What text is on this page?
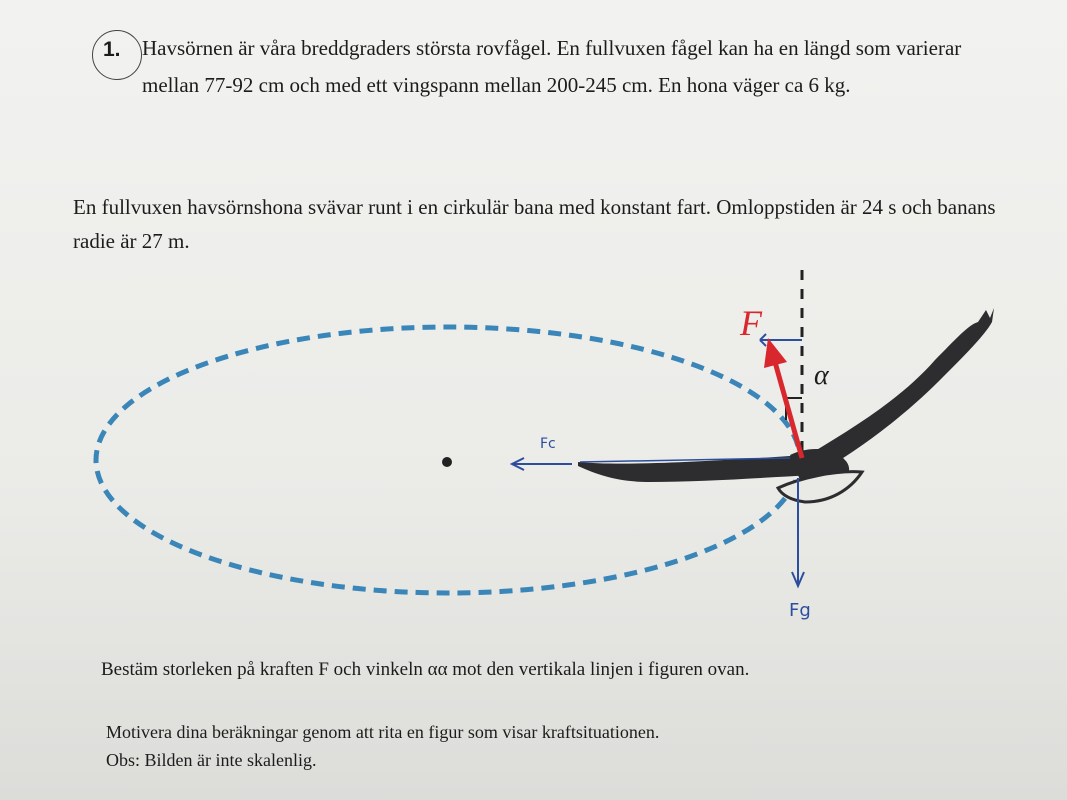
1. Havsörnen är våra breddgraders största rovfågel. En fullvuxen fågel kan ha en längd som varierar mellan 77-92 cm och med ett vingspann mellan 200-245 cm. En hona väger ca 6 kg.

En fullvuxen havsörnshona svävar runt i en cirkulär bana med konstant fart. Omloppstiden är 24 s och banans radie är 27 m.

F
α
Fc
Fg

Bestäm storleken på kraften F och vinkeln αα mot den vertikala linjen i figuren ovan.

Motivera dina beräkningar genom att rita en figur som visar kraftsituationen.

Obs: Bilden är inte skalenlig.
